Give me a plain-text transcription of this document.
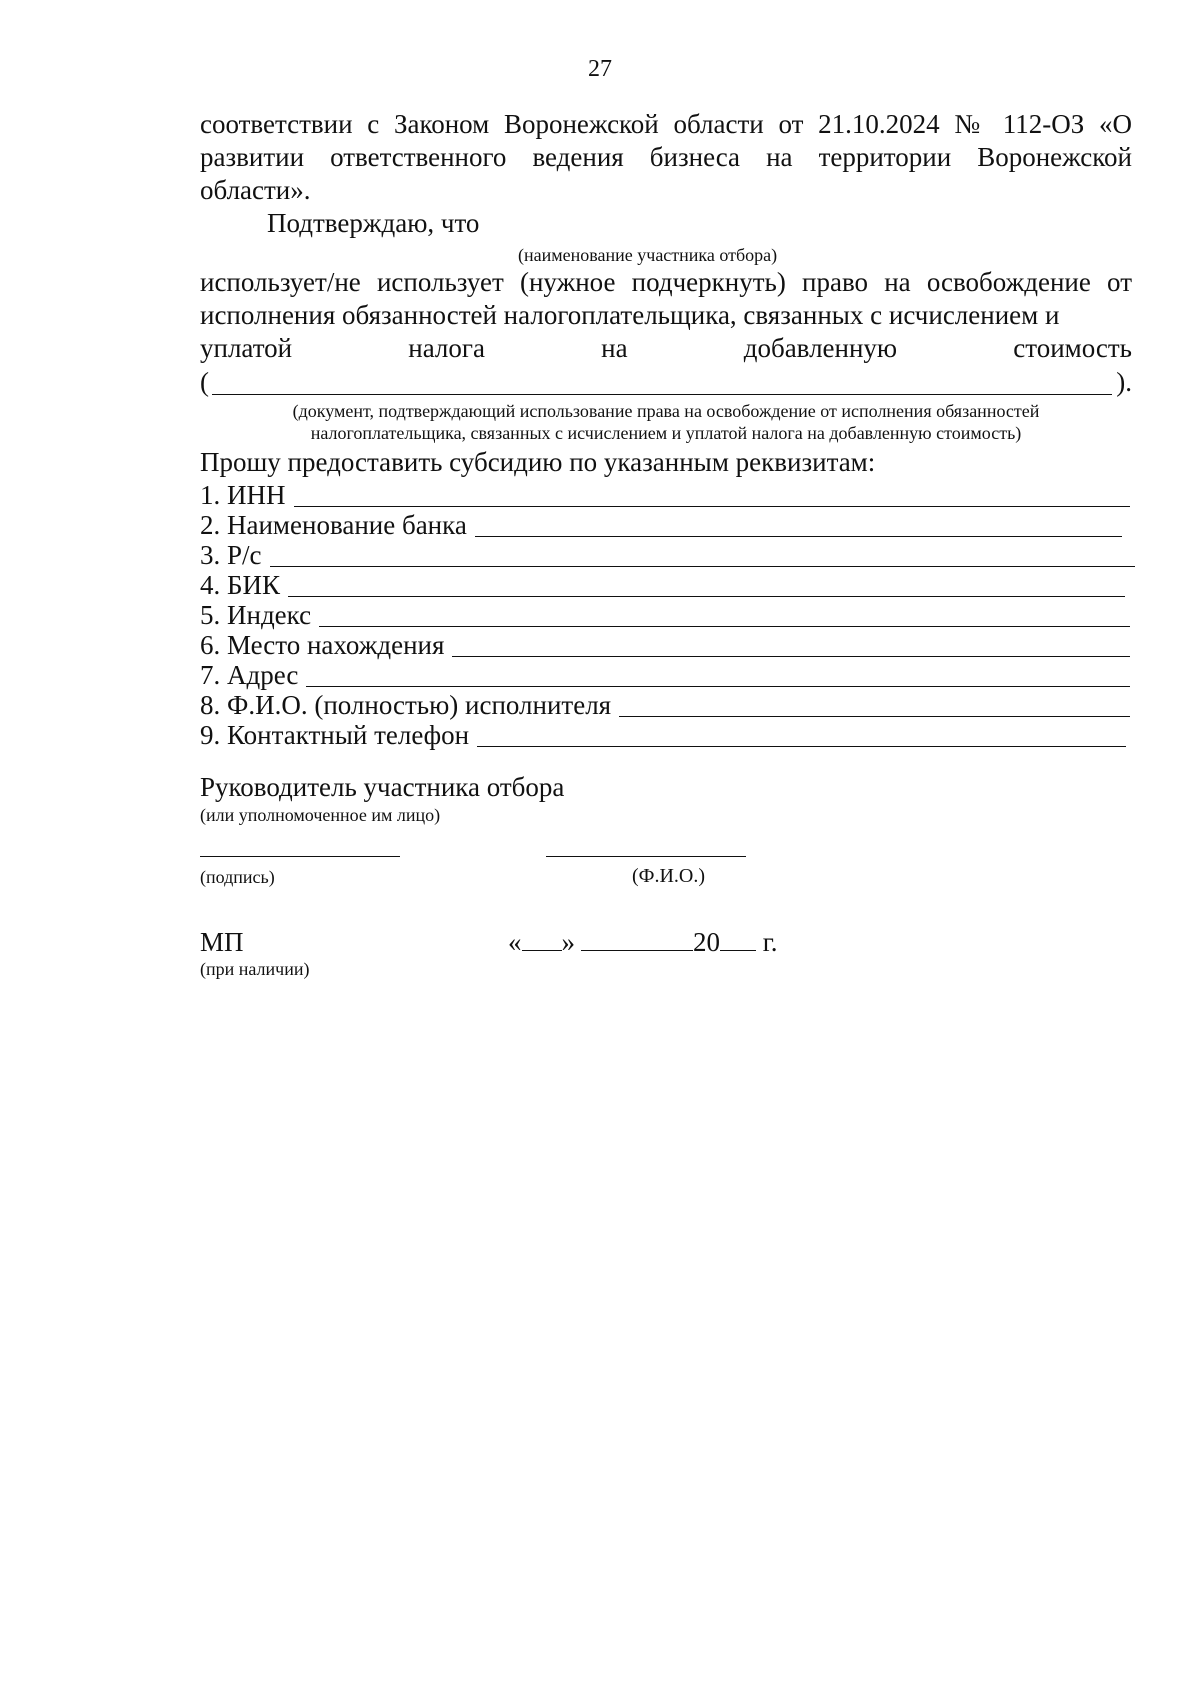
27

соответствии с Законом Воронежской области от 21.10.2024 № 112-ОЗ «О развитии ответственного ведения бизнеса на территории Воронежской области».

Подтверждаю, что
(наименование участника отбора)

использует/не использует (нужное подчеркнуть) право на освобождение от исполнения обязанностей налогоплательщика, связанных с исчислением и

уплатой	налога	на	добавленную	стоимость
(	).
(документ, подтверждающий использование права на освобождение от исполнения обязанностей
налогоплательщика, связанных с исчислением и уплатой налога на добавленную стоимость)
Прошу предоставить субсидию по указанным реквизитам:
1. ИНН
2. Наименование банка
3. Р/с
4. БИК
5. Индекс
6. Место нахождения
7. Адрес
8. Ф.И.О. (полностью) исполнителя
9. Контактный телефон
Руководитель участника отбора
(или уполномоченное им лицо)
(подпись)	(Ф.И.О.)
МП
(при наличии)
« »	20 г.
